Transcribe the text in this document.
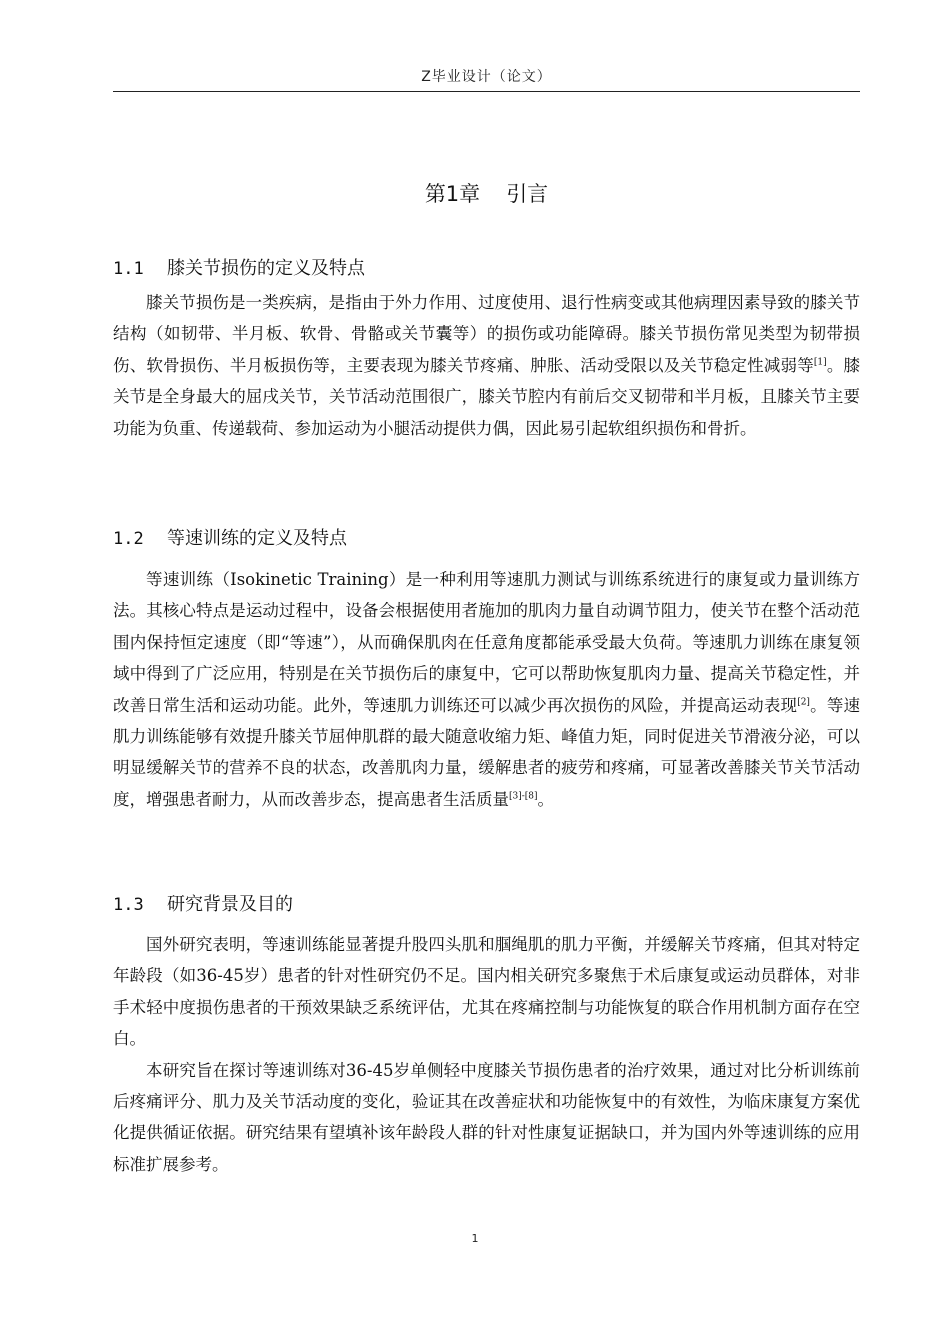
Z毕业设计（论文）
第1章 引言
1.1 膝关节损伤的定义及特点

膝关节损伤是一类疾病，是指由于外力作用、过度使用、退行性病变或其他病理因素导致的膝关节结构（如韧带、半月板、软骨、骨骼或关节囊等）的损伤或功能障碍。膝关节损伤常见类型为韧带损伤、软骨损伤、半月板损伤等，主要表现为膝关节疼痛、肿胀、活动受限以及关节稳定性减弱等[1]。膝关节是全身最大的屈戌关节，关节活动范围很广，膝关节腔内有前后交叉韧带和半月板，且膝关节主要功能为负重、传递载荷、参加运动为小腿活动提供力偶，因此易引起软组织损伤和骨折。

1.2 等速训练的定义及特点

等速训练（Isokinetic Training）是一种利用等速肌力测试与训练系统进行的康复或力量训练方法。其核心特点是运动过程中，设备会根据使用者施加的肌肉力量自动调节阻力，使关节在整个活动范围内保持恒定速度（即“等速”），从而确保肌肉在任意角度都能承受最大负荷。等速肌力训练在康复领域中得到了广泛应用，特别是在关节损伤后的康复中，它可以帮助恢复肌肉力量、提高关节稳定性，并改善日常生活和运动功能。此外，等速肌力训练还可以减少再次损伤的风险，并提高运动表现[2]。等速肌力训练能够有效提升膝关节屈伸肌群的最大随意收缩力矩、峰值力矩，同时促进关节滑液分泌，可以明显缓解关节的营养不良的状态，改善肌肉力量，缓解患者的疲劳和疼痛，可显著改善膝关节关节活动度，增强患者耐力，从而改善步态，提高患者生活质量[3]-[8]。

1.3 研究背景及目的

国外研究表明，等速训练能显著提升股四头肌和腘绳肌的肌力平衡，并缓解关节疼痛，但其对特定年龄段（如36-45岁）患者的针对性研究仍不足。国内相关研究多聚焦于术后康复或运动员群体，对非手术轻中度损伤患者的干预效果缺乏系统评估，尤其在疼痛控制与功能恢复的联合作用机制方面存在空白。

本研究旨在探讨等速训练对36-45岁单侧轻中度膝关节损伤患者的治疗效果，通过对比分析训练前后疼痛评分、肌力及关节活动度的变化，验证其在改善症状和功能恢复中的有效性，为临床康复方案优化提供循证依据。研究结果有望填补该年龄段人群的针对性康复证据缺口，并为国内外等速训练的应用标准扩展参考。

1
